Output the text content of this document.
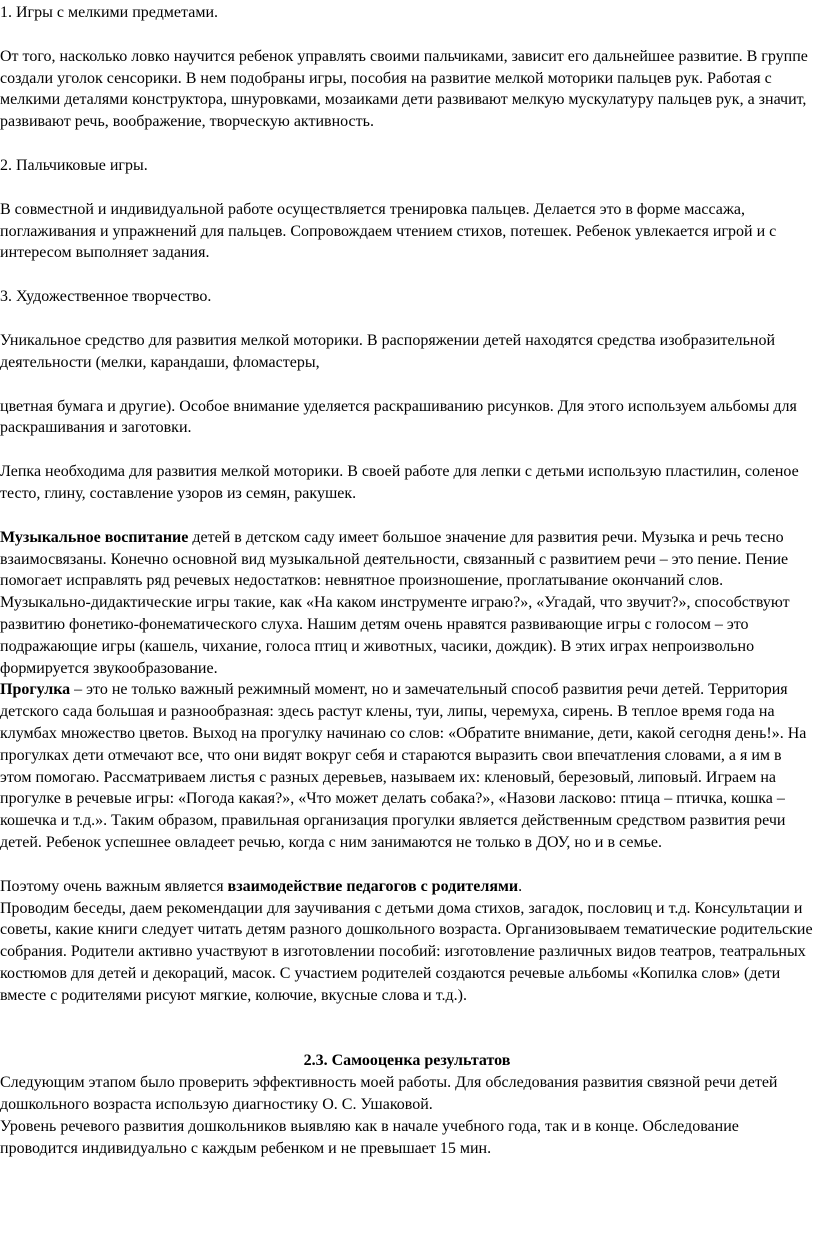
1. Игры с мелкими предметами.

От того, насколько ловко научится ребенок управлять своими пальчиками, зависит его дальнейшее развитие. В группе создали уголок сенсорики. В нем подобраны игры, пособия на развитие мелкой моторики пальцев рук. Работая с мелкими деталями конструктора, шнуровками, мозаиками дети развивают мелкую мускулатуру пальцев рук, а значит, развивают речь, воображение, творческую активность.

2. Пальчиковые игры.

В совместной и индивидуальной работе осуществляется тренировка пальцев. Делается это в форме массажа, поглаживания и упражнений для пальцев. Сопровождаем чтением стихов, потешек. Ребенок увлекается игрой и с интересом выполняет задания.

3. Художественное творчество.

Уникальное средство для развития мелкой моторики. В распоряжении детей находятся средства изобразительной деятельности (мелки, карандаши, фломастеры,

цветная бумага и другие). Особое внимание уделяется раскрашиванию рисунков. Для этого используем альбомы для раскрашивания и заготовки.

Лепка необходима для развития мелкой моторики. В своей работе для лепки с детьми использую пластилин, соленое тесто, глину, составление узоров из семян, ракушек.

Музыкальное воспитание детей в детском саду имеет большое значение для развития речи. Музыка и речь тесно взаимосвязаны. Конечно основной вид музыкальной деятельности, связанный с развитием речи – это пение. Пение помогает исправлять ряд речевых недостатков: невнятное произношение, проглатывание окончаний слов. Музыкально-дидактические игры такие, как «На каком инструменте играю?», «Угадай, что звучит?», способствуют развитию фонетико-фонематического слуха. Нашим детям очень нравятся развивающие игры с голосом – это подражающие игры (кашель, чихание, голоса птиц и животных, часики, дождик). В этих играх непроизвольно формируется звукообразование.

Прогулка – это не только важный режимный момент, но и замечательный способ развития речи детей. Территория детского сада большая и разнообразная: здесь растут клены, туи, липы, черемуха, сирень. В теплое время года на клумбах множество цветов. Выход на прогулку начинаю со слов: «Обратите внимание, дети, какой сегодня день!». На прогулках дети отмечают все, что они видят вокруг себя и стараются выразить свои впечатления словами, а я им в этом помогаю. Рассматриваем листья с разных деревьев, называем их: кленовый, березовый, липовый. Играем на прогулке в речевые игры: «Погода какая?», «Что может делать собака?», «Назови ласково: птица – птичка, кошка – кошечка и т.д.». Таким образом, правильная организация прогулки является действенным средством развития речи детей. Ребенок успешнее овладеет речью, когда с ним занимаются не только в ДОУ, но и в семье.

Поэтому очень важным является взаимодействие педагогов с родителями.

Проводим беседы, даем рекомендации для заучивания с детьми дома стихов, загадок, пословиц и т.д. Консультации и советы, какие книги следует читать детям разного дошкольного возраста. Организовываем тематические родительские собрания. Родители активно участвуют в изготовлении пособий: изготовление различных видов театров, театральных костюмов для детей и декораций, масок. С участием родителей создаются речевые альбомы «Копилка слов» (дети вместе с родителями рисуют мягкие, колючие, вкусные слова и т.д.).

2.3. Самооценка результатов

Следующим этапом было проверить эффективность моей работы. Для обследования развития связной речи детей дошкольного возраста использую диагностику О. С. Ушаковой.

Уровень речевого развития дошкольников выявляю как в начале учебного года, так и в конце. Обследование проводится индивидуально с каждым ребенком и не превышает 15 мин.
